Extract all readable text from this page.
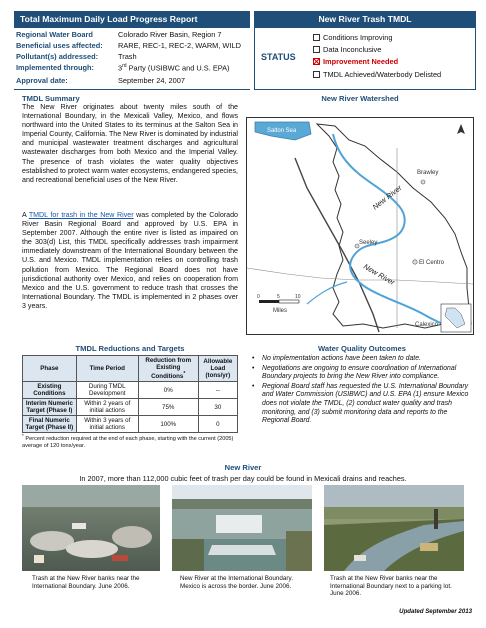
Total Maximum Daily Load Progress Report	New River Trash TMDL
Regional Water Board	Colorado River Basin, Region 7
Beneficial uses affected: RARE, REC-1, REC-2, WARM, WILD
Pollutant(s) addressed:	Trash
Implemented through:	3rd Party (USIBWC and U.S. EPA)
Approval date:	September 24, 2007
STATUS
Conditions Improving
Data Inconclusive
Improvement Needed
TMDL Achieved/Waterbody Delisted
TMDL Summary
The New River originates about twenty miles south of the International Boundary, in the Mexicali Valley, Mexico, and flows northward into the United States to its terminus at the Salton Sea in Imperial County, California. The New River is dominated by industrial and municipal wastewater treatment discharges and agricultural wastewater discharges from both Mexico and the Imperial Valley. The presence of trash violates the water quality objectives established to protect warm water ecosystems, endangered species, and recreational beneficial uses of the New River.
A TMDL for trash in the New River was completed by the Colorado River Basin Regional Board and approved by U.S. EPA in September 2007. Although the entire river is listed as impaired on the 303(d) List, this TMDL specifically addresses trash impairment immediately downstream of the International Boundary between the U.S. and Mexico. TMDL implementation relies on controlling trash pollution from Mexico. The Regional Board does not have jurisdictional authority over Mexico, and relies on cooperation from Mexico and the U.S. government to reduce trash that crosses the International Boundary. The TMDL is implemented in 2 phases over 3 years.
New River Watershed
Salton Sea
New River
New River
Brawley
Seeley
El Centro
Calexico
0	5	10
Miles
TMDL Reductions and Targets
Phase	Time Period	Reduction from Existing Conditions*	Allowable Load (tons/yr)
Existing Conditions	During TMDL Development	0%	--
Interim Numeric Target (Phase I)	Within 2 years of initial actions	75%	30
Final Numeric Target (Phase II)	Within 3 years of initial actions	100%	0
* Percent reduction required at the end of each phase, starting with the current (2005) average of 120 tons/year.
Water Quality Outcomes
• No implementation actions have been taken to date.
• Negotiations are ongoing to ensure coordination of International Boundary projects to bring the New River into compliance.
• Regional Board staff has requested the U.S. International Boundary and Water Commission (USIBWC) and U.S. EPA (1) ensure Mexico does not violate the TMDL, (2) conduct water quality and trash monitoring, and (3) submit monitoring data and reports to the Regional Board.
New River
In 2007, more than 112,000 cubic feet of trash per day could be found in Mexicali drains and reaches.
Trash at the New River banks near the International Boundary. June 2006.
New River at the International Boundary. Mexico is across the border. June 2006.
Trash at the New River banks near the International Boundary next to a parking lot. June 2006.
Updated September 2013
